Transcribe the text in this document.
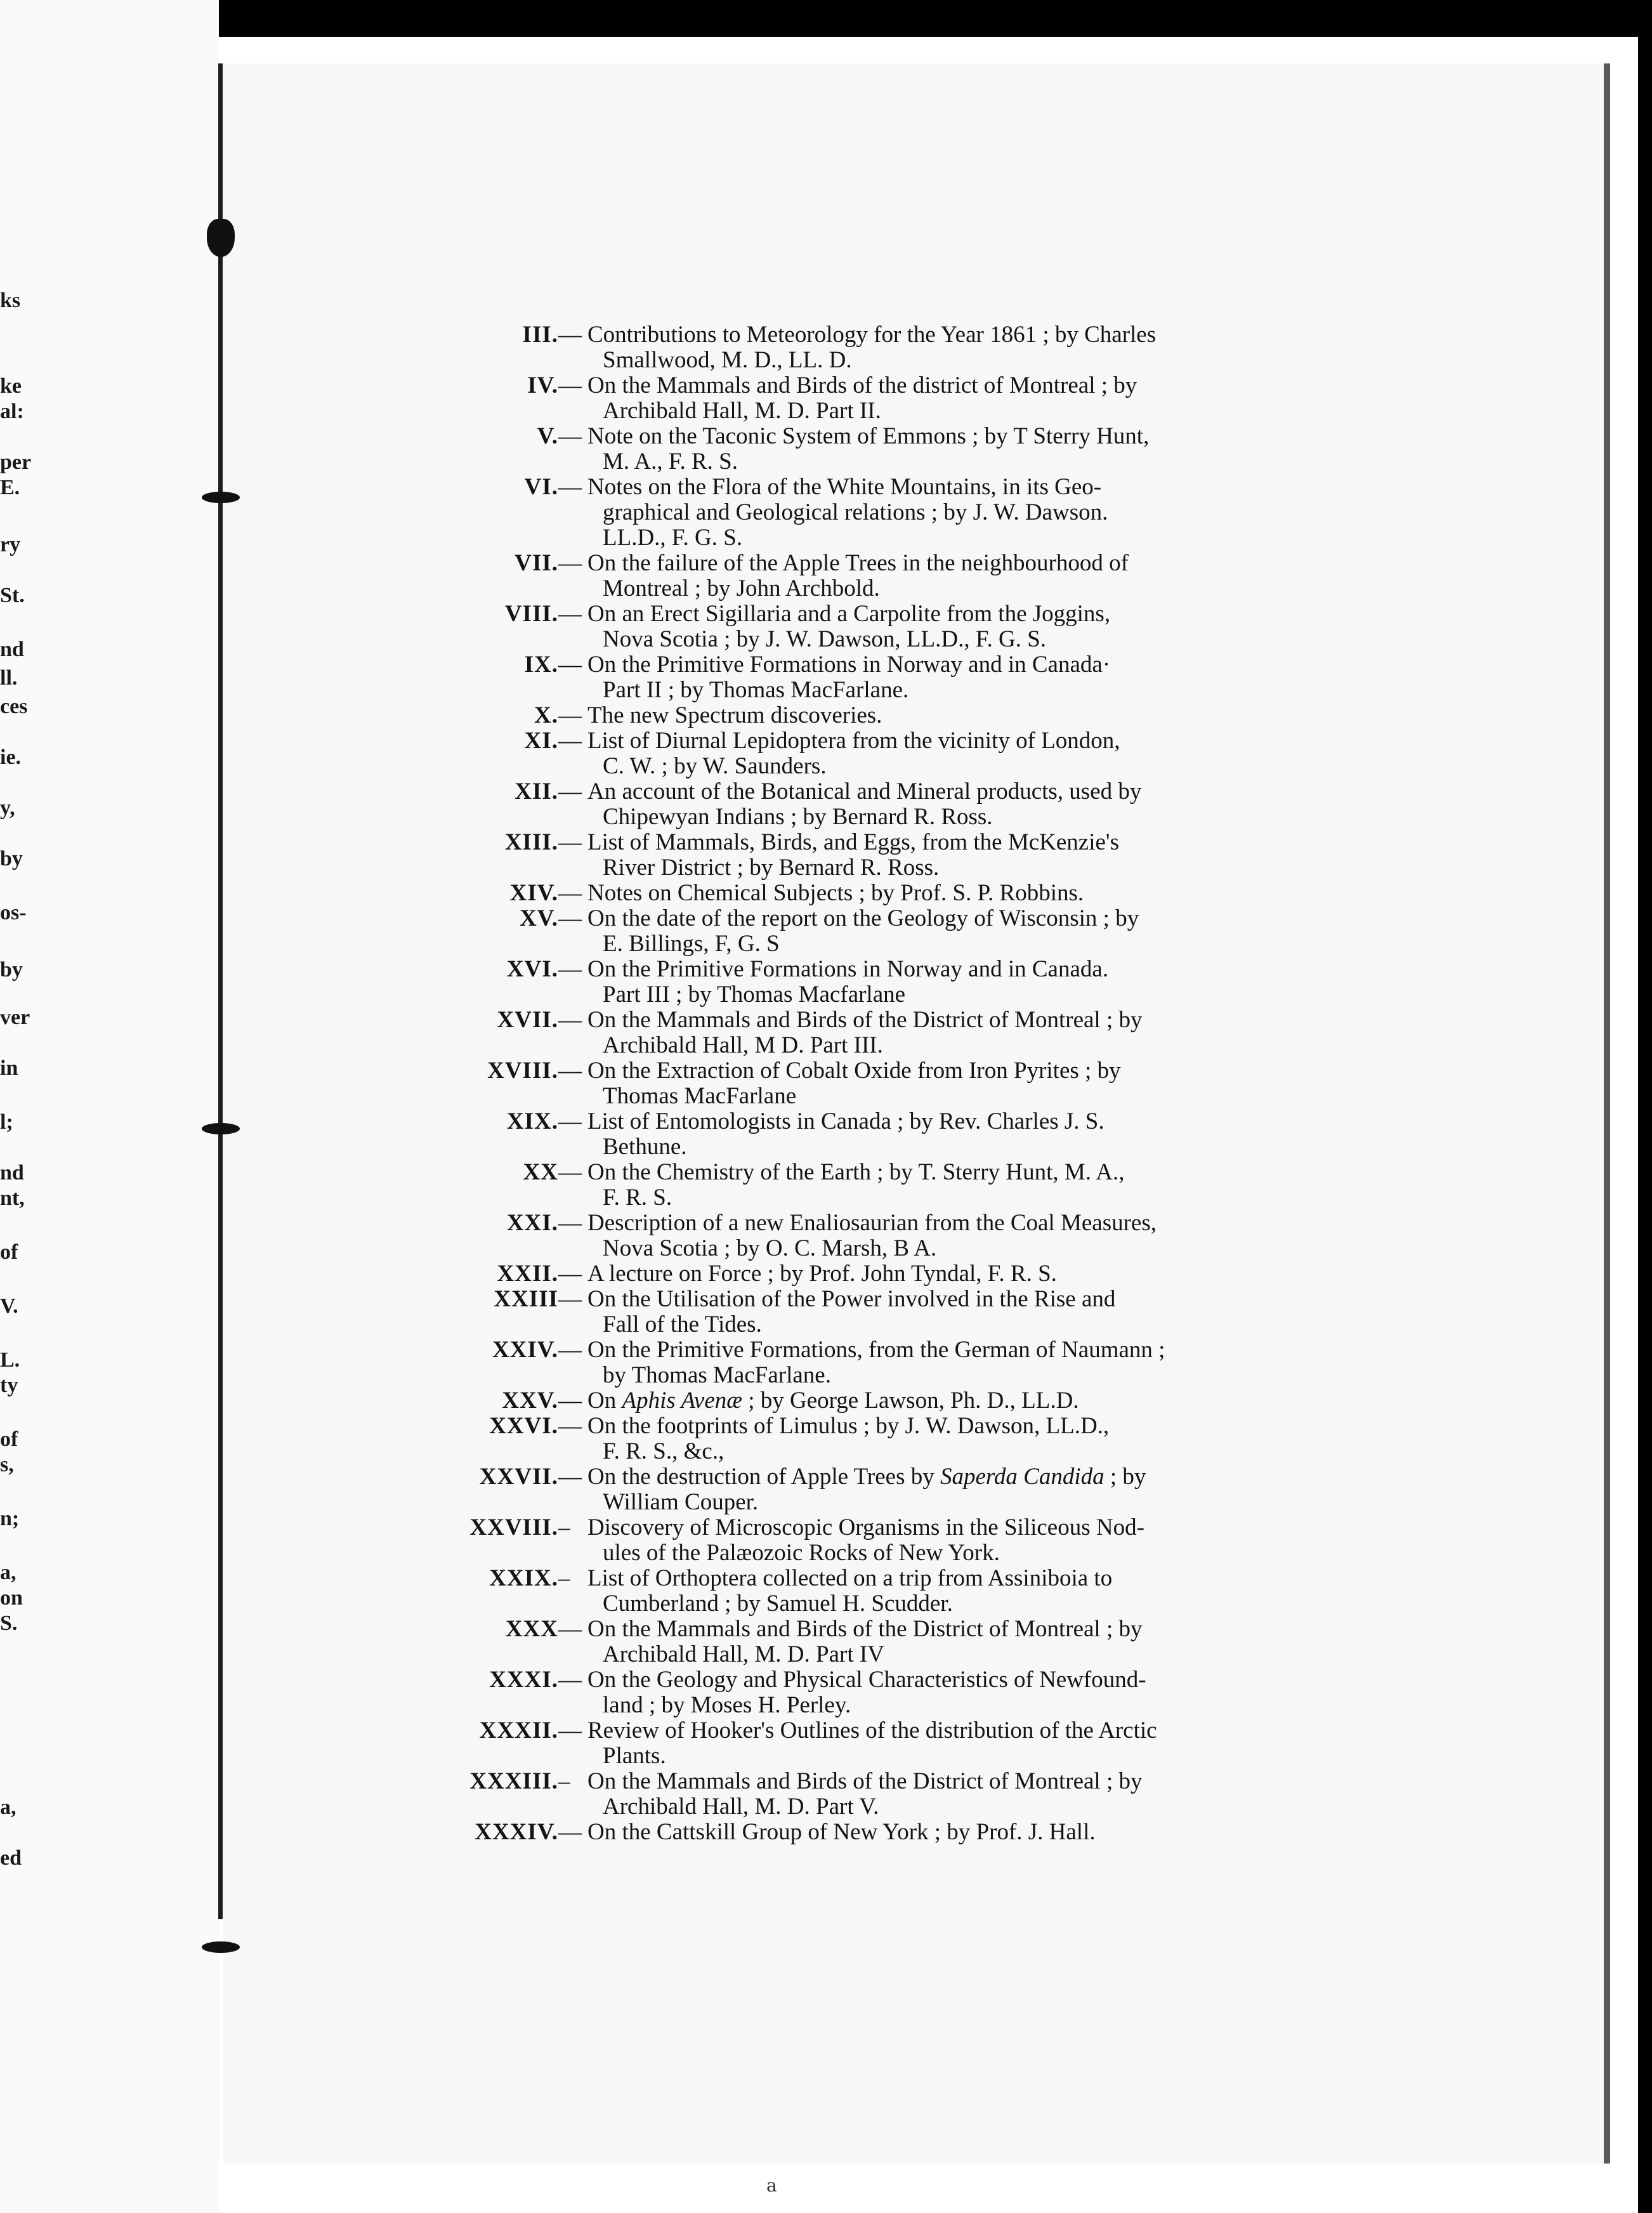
ks
ke
al:
per
E.
ry
St.
nd
ll.
ces
ie.
y,
by
os-
by
ver
in
l;
nd
nt,
of
V.
L.
ty
of
s,
n;
a,
on
S.
a,
ed
III. — Contributions to Meteorology for the Year 1861 ; by Charles
Smallwood, M. D., LL. D.
IV. — On the Mammals and Birds of the district of Montreal ; by
Archibald Hall, M. D. Part II.
V. — Note on the Taconic System of Emmons ; by T Sterry Hunt,
M. A., F. R. S.
VI. — Notes on the Flora of the White Mountains, in its Geo-
graphical and Geological relations ; by J. W. Dawson.
LL.D., F. G. S.
VII. — On the failure of the Apple Trees in the neighbourhood of
Montreal ; by John Archbold.
VIII. — On an Erect Sigillaria and a Carpolite from the Joggins,
Nova Scotia ; by J. W. Dawson, LL.D., F. G. S.
IX. — On the Primitive Formations in Norway and in Canada·
Part II ; by Thomas MacFarlane.
X. — The new Spectrum discoveries.
XI. — List of Diurnal Lepidoptera from the vicinity of London,
C. W. ; by W. Saunders.
XII. — An account of the Botanical and Mineral products, used by
Chipewyan Indians ; by Bernard R. Ross.
XIII. — List of Mammals, Birds, and Eggs, from the McKenzie's
River District ; by Bernard R. Ross.
XIV. — Notes on Chemical Subjects ; by Prof. S. P. Robbins.
XV. — On the date of the report on the Geology of Wisconsin ; by
E. Billings, F, G. S
XVI. — On the Primitive Formations in Norway and in Canada.
Part III ; by Thomas Macfarlane
XVII. — On the Mammals and Birds of the District of Montreal ; by
Archibald Hall, M D. Part III.
XVIII. — On the Extraction of Cobalt Oxide from Iron Pyrites ; by
Thomas MacFarlane
XIX. — List of Entomologists in Canada ; by Rev. Charles J. S.
Bethune.
XX — On the Chemistry of the Earth ; by T. Sterry Hunt, M. A.,
F. R. S.
XXI. — Description of a new Enaliosaurian from the Coal Measures,
Nova Scotia ; by O. C. Marsh, B A.
XXII. — A lecture on Force ; by Prof. John Tyndal, F. R. S.
XXIII — On the Utilisation of the Power involved in the Rise and
Fall of the Tides.
XXIV. — On the Primitive Formations, from the German of Naumann ;
by Thomas MacFarlane.
XXV. — On Aphis Avenæ ; by George Lawson, Ph. D., LL.D.
XXVI. — On the footprints of Limulus ; by J. W. Dawson, LL.D.,
F. R. S., &c.,
XXVII. — On the destruction of Apple Trees by Saperda Candida ; by
William Couper.
XXVIII. – Discovery of Microscopic Organisms in the Siliceous Nod-
ules of the Palæozoic Rocks of New York.
XXIX. – List of Orthoptera collected on a trip from Assiniboia to
Cumberland ; by Samuel H. Scudder.
XXX — On the Mammals and Birds of the District of Montreal ; by
Archibald Hall, M. D. Part IV
XXXI. — On the Geology and Physical Characteristics of Newfound-
land ; by Moses H. Perley.
XXXII. — Review of Hooker's Outlines of the distribution of the Arctic
Plants.
XXXIII. – On the Mammals and Birds of the District of Montreal ; by
Archibald Hall, M. D. Part V.
XXXIV. — On the Cattskill Group of New York ; by Prof. J. Hall.
a
